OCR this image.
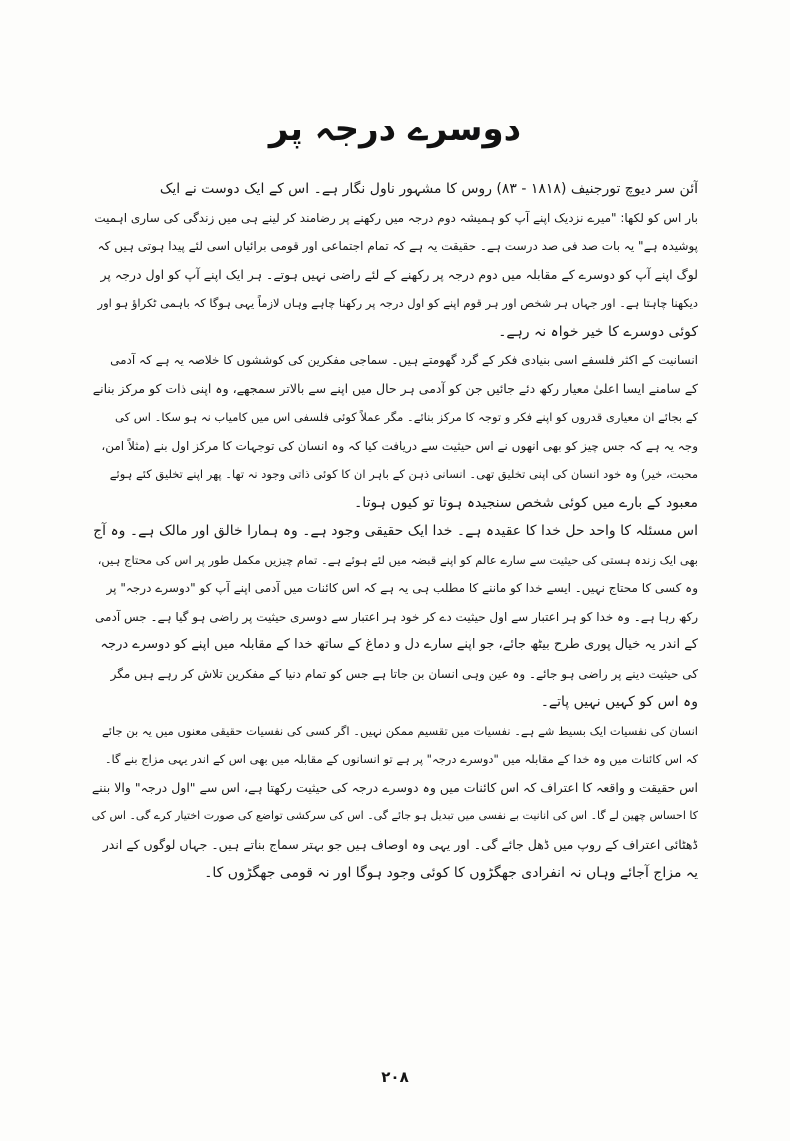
دوسرے درجہ پر
آئن سر دیوچ تورجنیف (۱۸۱۸ - ۸۳) روس کا مشہور ناول نگار ہے۔ اس کے ایک دوست نے ایک
بار اس کو لکھا: "میرے نزدیک اپنے آپ کو ہمیشہ دوم درجہ میں رکھنے پر رضامند کر لینے ہی میں زندگی کی ساری اہمیت
پوشیدہ ہے" یہ بات صد فی صد درست ہے۔ حقیقت یہ ہے کہ تمام اجتماعی اور قومی برائیاں اسی لئے پیدا ہوتی ہیں کہ
لوگ اپنے آپ کو دوسرے کے مقابلہ میں دوم درجہ پر رکھنے کے لئے راضی نہیں ہوتے۔ ہر ایک اپنے آپ کو اول درجہ پر
دیکھنا چاہتا ہے۔ اور جہاں ہر شخص اور ہر قوم اپنے کو اول درجہ پر رکھنا چاہے وہاں لازماً یہی ہوگا کہ باہمی ٹکراؤ ہو اور
کوئی دوسرے کا خیر خواہ نہ رہے۔
انسانیت کے اکثر فلسفے اسی بنیادی فکر کے گرد گھومتے ہیں۔ سماجی مفکرین کی کوششوں کا خلاصہ یہ ہے کہ آدمی
کے سامنے ایسا اعلیٰ معیار رکھ دئے جائیں جن کو آدمی ہر حال میں اپنے سے بالاتر سمجھے، وہ اپنی ذات کو مرکز بنانے
کے بجائے ان معیاری قدروں کو اپنے فکر و توجہ کا مرکز بنائے۔ مگر عملاً کوئی فلسفی اس میں کامیاب نہ ہو سکا۔ اس کی
وجہ یہ ہے کہ جس چیز کو بھی انھوں نے اس حیثیت سے دریافت کیا کہ وہ انسان کی توجہات کا مرکز اول بنے (مثلاً امن،
محبت، خیر) وہ خود انسان کی اپنی تخلیق تھی۔ انسانی ذہن کے باہر ان کا کوئی ذاتی وجود نہ تھا۔ پھر اپنے تخلیق کئے ہوئے
معبود کے بارے میں کوئی شخص سنجیدہ ہوتا تو کیوں ہوتا۔
اس مسئلہ کا واحد حل خدا کا عقیدہ ہے۔ خدا ایک حقیقی وجود ہے۔ وہ ہمارا خالق اور مالک ہے۔ وہ آج
بھی ایک زندہ ہستی کی حیثیت سے سارے عالم کو اپنے قبضہ میں لئے ہوئے ہے۔ تمام چیزیں مکمل طور پر اس کی محتاج ہیں،
وہ کسی کا محتاج نہیں۔ ایسے خدا کو ماننے کا مطلب ہی یہ ہے کہ اس کائنات میں آدمی اپنے آپ کو "دوسرے درجہ" پر
رکھ رہا ہے۔ وہ خدا کو ہر اعتبار سے اول حیثیت دے کر خود ہر اعتبار سے دوسری حیثیت پر راضی ہو گیا ہے۔ جس آدمی
کے اندر یہ خیال پوری طرح بیٹھ جائے، جو اپنے سارے دل و دماغ کے ساتھ خدا کے مقابلہ میں اپنے کو دوسرے درجہ
کی حیثیت دینے پر راضی ہو جائے۔ وہ عین وہی انسان بن جاتا ہے جس کو تمام دنیا کے مفکرین تلاش کر رہے ہیں مگر
وہ اس کو کہیں نہیں پاتے۔
انسان کی نفسیات ایک بسیط شے ہے۔ نفسیات میں تقسیم ممکن نہیں۔ اگر کسی کی نفسیات حقیقی معنوں میں یہ بن جائے
کہ اس کائنات میں وہ خدا کے مقابلہ میں "دوسرے درجہ" پر ہے تو انسانوں کے مقابلہ میں بھی اس کے اندر یہی مزاج بنے گا۔
اس حقیقت و واقعہ کا اعتراف کہ اس کائنات میں وہ دوسرے درجہ کی حیثیت رکھتا ہے، اس سے "اول درجہ" والا بننے
کا احساس چھین لے گا۔ اس کی انانیت بے نفسی میں تبدیل ہو جائے گی۔ اس کی سرکشی تواضع کی صورت اختیار کرے گی۔ اس کی
ڈھٹائی اعتراف کے روپ میں ڈھل جائے گی۔ اور یہی وہ اوصاف ہیں جو بہتر سماج بناتے ہیں۔ جہاں لوگوں کے اندر
یہ مزاج آجائے وہاں نہ انفرادی جھگڑوں کا کوئی وجود ہوگا اور نہ قومی جھگڑوں کا۔
۲۰۸
